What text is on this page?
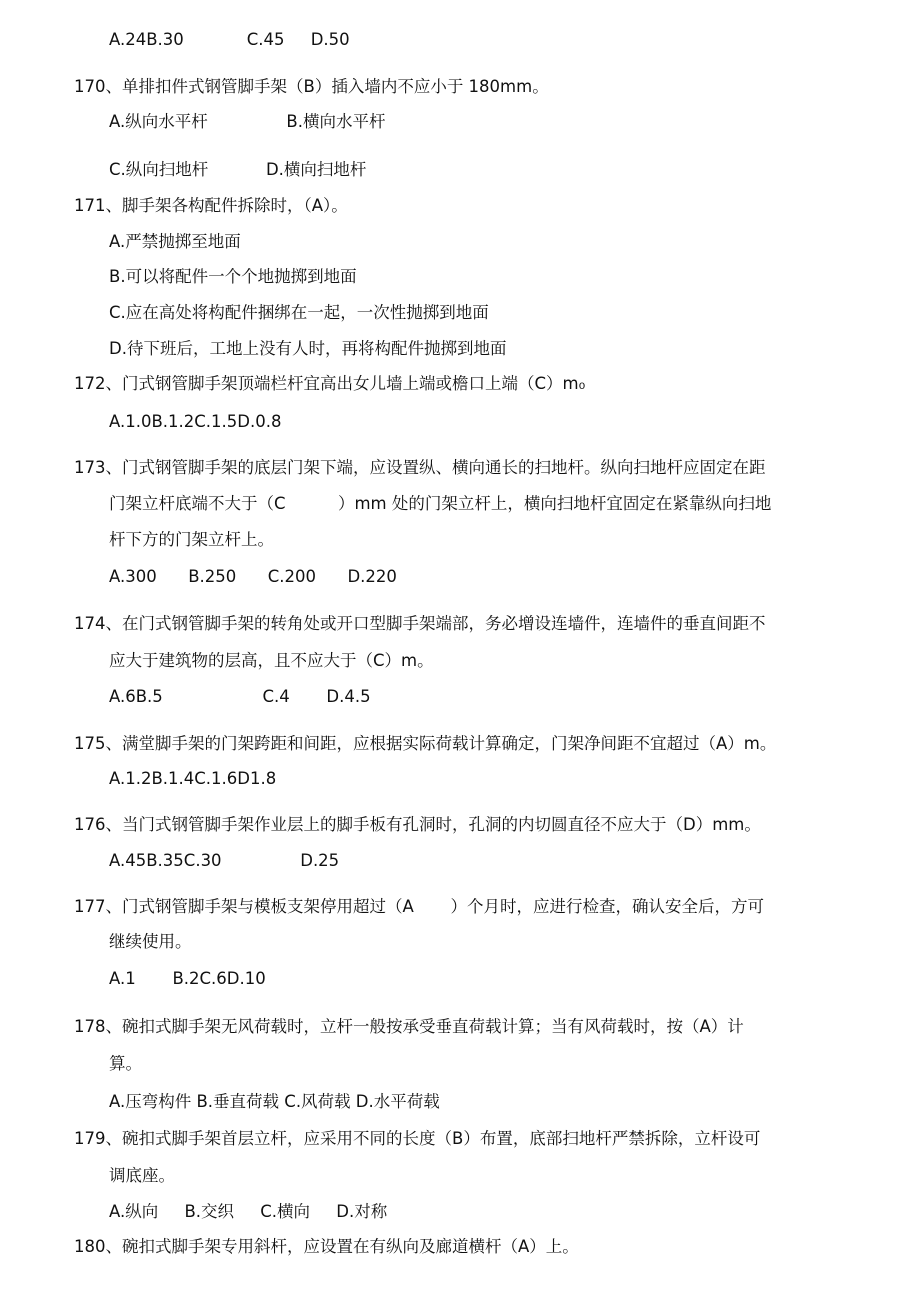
A.24B.30            C.45     D.50
170、单排扣件式钢管脚手架（B）插入墙内不应小于 180mm。
A.纵向水平杆               B.横向水平杆
C.纵向扫地杆           D.横向扫地杆
171、脚手架各构配件拆除时，（A）。
A.严禁抛掷至地面
B.可以将配件一个个地抛掷到地面
C.应在高处将构配件捆绑在一起，一次性抛掷到地面
D.待下班后，工地上没有人时，再将构配件抛掷到地面
172、门式钢管脚手架顶端栏杆宜高出女儿墙上端或檐口上端（C）m₀
A.1.0B.1.2C.1.5D.0.8
173、门式钢管脚手架的底层门架下端，应设置纵、横向通长的扫地杆。纵向扫地杆应固定在距
门架立杆底端不大于（C          ）mm 处的门架立杆上，横向扫地杆宜固定在紧靠纵向扫地
杆下方的门架立杆上。
A.300      B.250      C.200      D.220
174、在门式钢管脚手架的转角处或开口型脚手架端部，务必增设连墙件，连墙件的垂直间距不
应大于建筑物的层高，且不应大于（C）m。
A.6B.5                   C.4       D.4.5
175、满堂脚手架的门架跨距和间距，应根据实际荷载计算确定，门架净间距不宜超过（A）m。
A.1.2B.1.4C.1.6D1.8
176、当门式钢管脚手架作业层上的脚手板有孔洞时，孔洞的内切圆直径不应大于（D）mm。
A.45B.35C.30               D.25
177、门式钢管脚手架与模板支架停用超过（A       ）个月时，应进行检查，确认安全后，方可
继续使用。
A.1       B.2C.6D.10
178、碗扣式脚手架无风荷载时，立杆一般按承受垂直荷载计算；当有风荷载时，按（A）计
算。
A.压弯构件 B.垂直荷载 C.风荷载 D.水平荷载
179、碗扣式脚手架首层立杆，应采用不同的长度（B）布置，底部扫地杆严禁拆除，立杆设可
调底座。
A.纵向     B.交织     C.横向     D.对称
180、碗扣式脚手架专用斜杆，应设置在有纵向及廊道横杆（A）上。
